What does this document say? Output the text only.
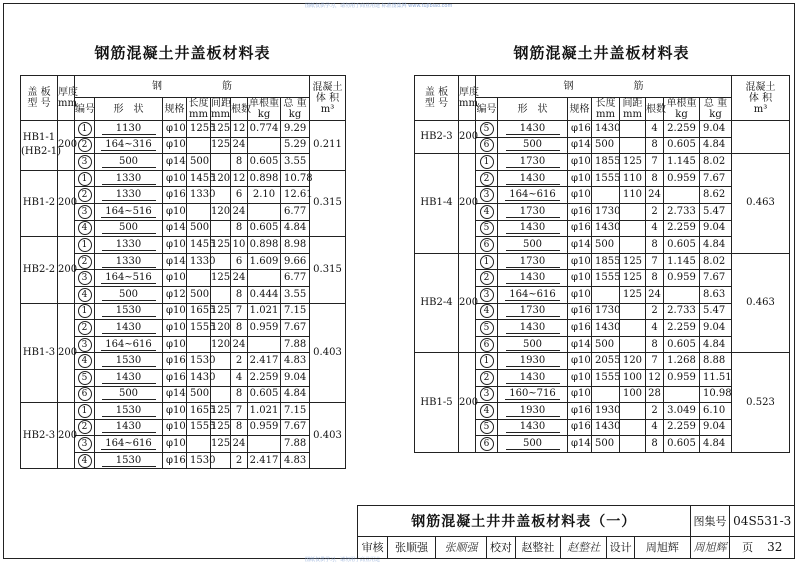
图纸仅供学习，请勿用于商业用途 标准图集网 www.tujibiao.com
图纸仅供学习，请勿用于商业用途
钢筋混凝土井盖板材料表	钢筋混凝土井盖板材料表
盖 板
型 号	厚度
mm	钢　　　　　　筋								混凝土
体 积
m³
		编号	形　状	规格	长度
mm	间距
mm	根数	单根重
kg	总 重
kg	
HB1-1
(HB2-1)	200	1	1130	φ10	1255	125	12	0.774	9.29	0.211
		2	164~316	φ10		125	24		5.29	
		3	500	φ14	500		8	0.605	3.55	
HB1-2	200	1	1330	φ10	1455	120	12	0.898	10.78	0.315
		2	1330	φ16	1330		6	2.10	12.61	
		3	164~516	φ10		120	24		6.77	
		4	500	φ14	500		8	0.605	4.84	
HB2-2	200	1	1330	φ10	1455	125	10	0.898	8.98	0.315
		2	1330	φ14	1330		6	1.609	9.66	
		3	164~516	φ10		125	24		6.77	
		4	500	φ12	500		8	0.444	3.55	
HB1-3	200	1	1530	φ10	1655	125	7	1.021	7.15	0.403
		2	1430	φ10	1555	120	8	0.959	7.67	
		3	164~616	φ10		120	24		7.88	
		4	1530	φ16	1530		2	2.417	4.83	
		5	1430	φ16	1430		4	2.259	9.04	
		6	500	φ14	500		8	0.605	4.84	
HB2-3	200	1	1530	φ10	1655	125	7	1.021	7.15	0.403
		2	1430	φ10	1555	125	8	0.959	7.67	
		3	164~616	φ10		125	24		7.88	
		4	1530	φ16	1530		2	2.417	4.83	
盖 板
型 号	厚度
mm	钢　　　　　　筋								混凝土
体 积
m³
		编号	形　状	规格	长度
mm	间距
mm	根数	单根重
kg	总 重
kg	
HB2-3	200	5	1430	φ16	1430		4	2.259	9.04	
		6	500	φ14	500		8	0.605	4.84	
HB1-4	200	1	1730	φ10	1855	125	7	1.145	8.02	0.463
		2	1430	φ10	1555	110	8	0.959	7.67	
		3	164~616	φ10		110	24		8.62	
		4	1730	φ16	1730		2	2.733	5.47	
		5	1430	φ16	1430		4	2.259	9.04	
		6	500	φ14	500		8	0.605	4.84	
HB2-4	200	1	1730	φ10	1855	125	7	1.145	8.02	0.463
		2	1430	φ10	1555	125	8	0.959	7.67	
		3	164~616	φ10		125	24		8.63	
		4	1730	φ16	1730		2	2.733	5.47	
		5	1430	φ16	1430		4	2.259	9.04	
		6	500	φ14	500		8	0.605	4.84	
HB1-5	200	1	1930	φ10	2055	120	7	1.268	8.88	0.523
		2	1430	φ10	1555	100	12	0.959	11.51	
		3	160~716	φ10		100	28		10.98	
		4	1930	φ16	1930		2	3.049	6.10	
		5	1430	φ16	1430		4	2.259	9.04	
		6	500	φ14	500		8	0.605	4.84	
钢筋混凝土井井盖板材料表（一）								图集号	04S531-3
审核	张顺强	张顺强	校对	赵整社	赵整社	设计	周旭辉	周旭辉	页 32
